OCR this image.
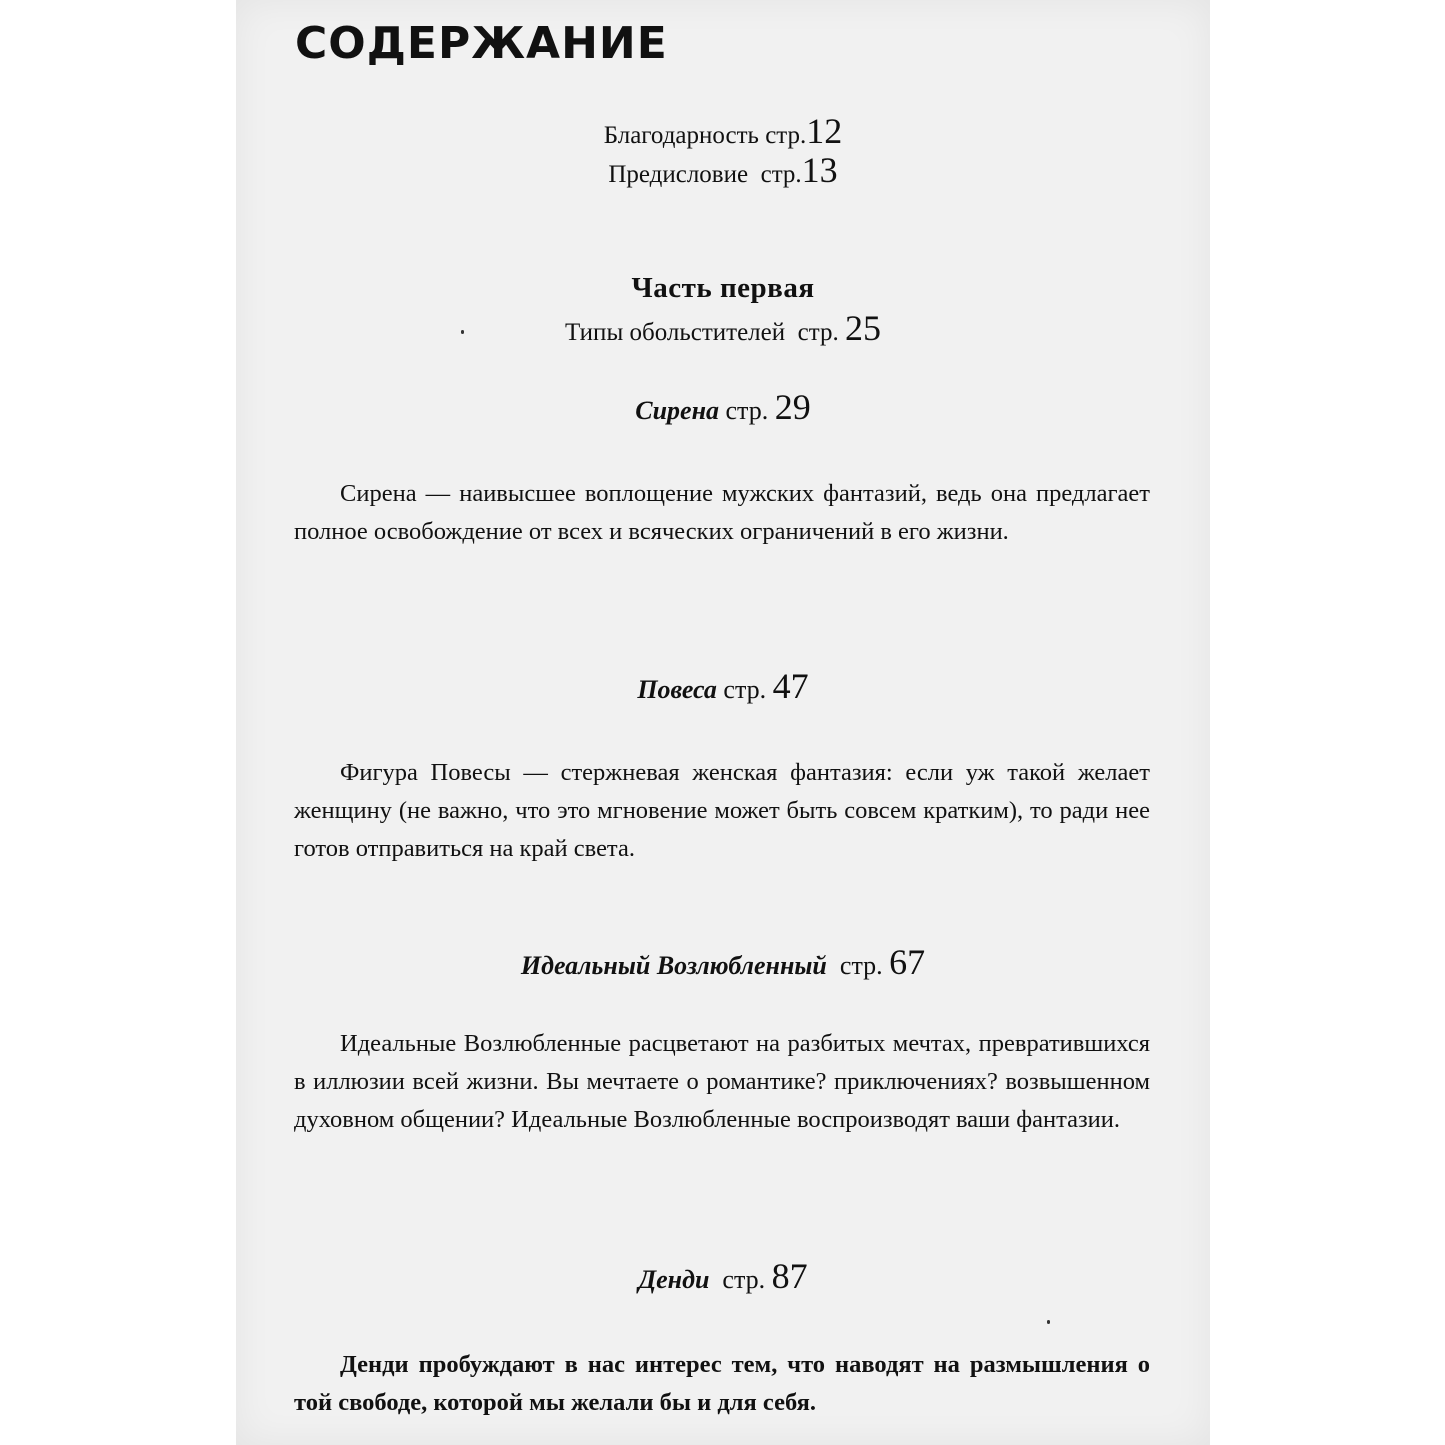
СОДЕРЖАНИЕ
Благодарность стр.12
Предисловие стр.13
Часть первая
Типы обольстителей стр. 25
Сирена стр. 29

Сирена — наивысшее воплощение мужских фантазий, ведь она предлагает полное освобождение от всех и всяческих ограничений в его жизни.

Повеса стр. 47

Фигура Повесы — стержневая женская фантазия: если уж такой желает женщину (не важно, что это мгновение может быть совсем кратким), то ради нее готов отправиться на край света.

Идеальный Возлюбленный стр. 67

Идеальные Возлюбленные расцветают на разбитых мечтах, превратившихся в иллюзии всей жизни. Вы мечтаете о романтике? приключениях? возвышенном духовном общении? Идеальные Возлюбленные воспроизводят ваши фантазии.

Денди стр. 87

Денди пробуждают в нас интерес тем, что наводят на размышления о той свободе, которой мы желали бы и для себя.
